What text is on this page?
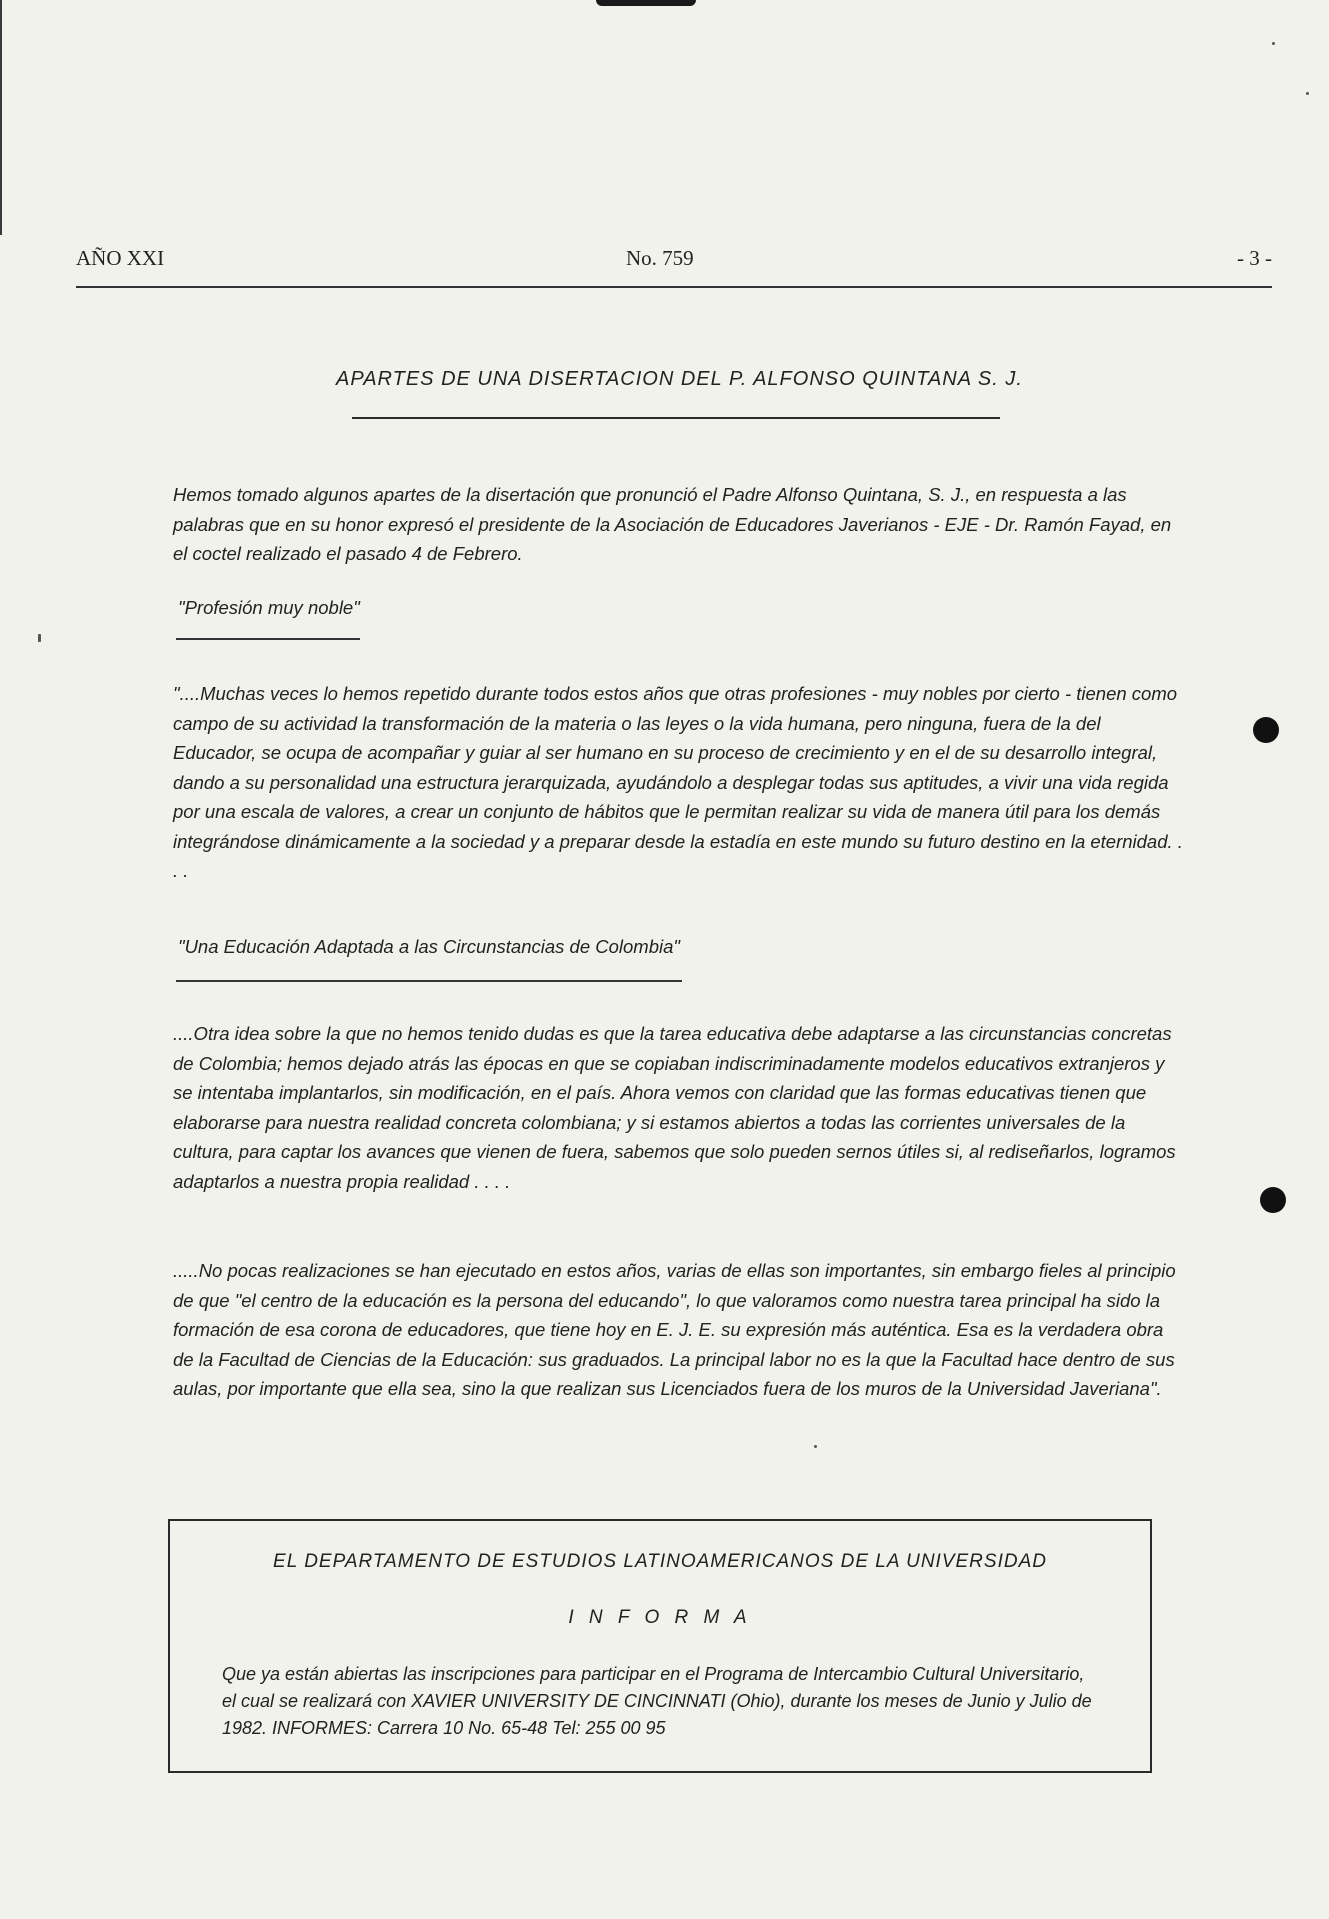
AÑO XXI	No. 759	- 3 -
APARTES DE UNA DISERTACION DEL P. ALFONSO QUINTANA S. J.

Hemos tomado algunos apartes de la disertación que pronunció el Padre Alfonso Quintana, S. J., en respuesta a las palabras que en su honor expresó el presidente de la Asociación de Educadores Javerianos - EJE - Dr. Ramón Fayad, en el coctel realizado el pasado 4 de Febrero.

"Profesión muy noble"

"....Muchas veces lo hemos repetido durante todos estos años que otras profesiones - muy nobles por cierto - tienen como campo de su actividad la transformación de la materia o las leyes o la vida humana, pero ninguna, fuera de la del Educador, se ocupa de acompañar y guiar al ser humano en su proceso de crecimiento y en el de su desarrollo integral, dando a su personalidad una estructura jerarquizada, ayudándolo a desplegar todas sus aptitudes, a vivir una vida regida por una escala de valores, a crear un conjunto de hábitos que le permitan realizar su vida de manera útil para los demás integrándose dinámicamente a la sociedad y a preparar desde la estadía en este mundo su futuro destino en la eternidad. . . .

"Una Educación Adaptada a las Circunstancias de Colombia"

....Otra idea sobre la que no hemos tenido dudas es que la tarea educativa debe adaptarse a las circunstancias concretas de Colombia; hemos dejado atrás las épocas en que se copiaban indiscriminadamente modelos educativos extranjeros y se intentaba implantarlos, sin modificación, en el país. Ahora vemos con claridad que las formas educativas tienen que elaborarse para nuestra realidad concreta colombiana; y si estamos abiertos a todas las corrientes universales de la cultura, para captar los avances que vienen de fuera, sabemos que solo pueden sernos útiles si, al rediseñarlos, logramos adaptarlos a nuestra propia realidad . . . .

.....No pocas realizaciones se han ejecutado en estos años, varias de ellas son importantes, sin embargo fieles al principio de que "el centro de la educación es la persona del educando", lo que valoramos como nuestra tarea principal ha sido la formación de esa corona de educadores, que tiene hoy en E. J. E. su expresión más auténtica. Esa es la verdadera obra de la Facultad de Ciencias de la Educación: sus graduados. La principal labor no es la que la Facultad hace dentro de sus aulas, por importante que ella sea, sino la que realizan sus Licenciados fuera de los muros de la Universidad Javeriana".

EL DEPARTAMENTO DE ESTUDIOS LATINOAMERICANOS DE LA UNIVERSIDAD
I N F O R M A

Que ya están abiertas las inscripciones para participar en el Programa de Intercambio Cultural Universitario, el cual se realizará con XAVIER UNIVERSITY DE CINCINNATI (Ohio), durante los meses de Junio y Julio de 1982. INFORMES: Carrera 10 No. 65-48 Tel: 255 00 95
